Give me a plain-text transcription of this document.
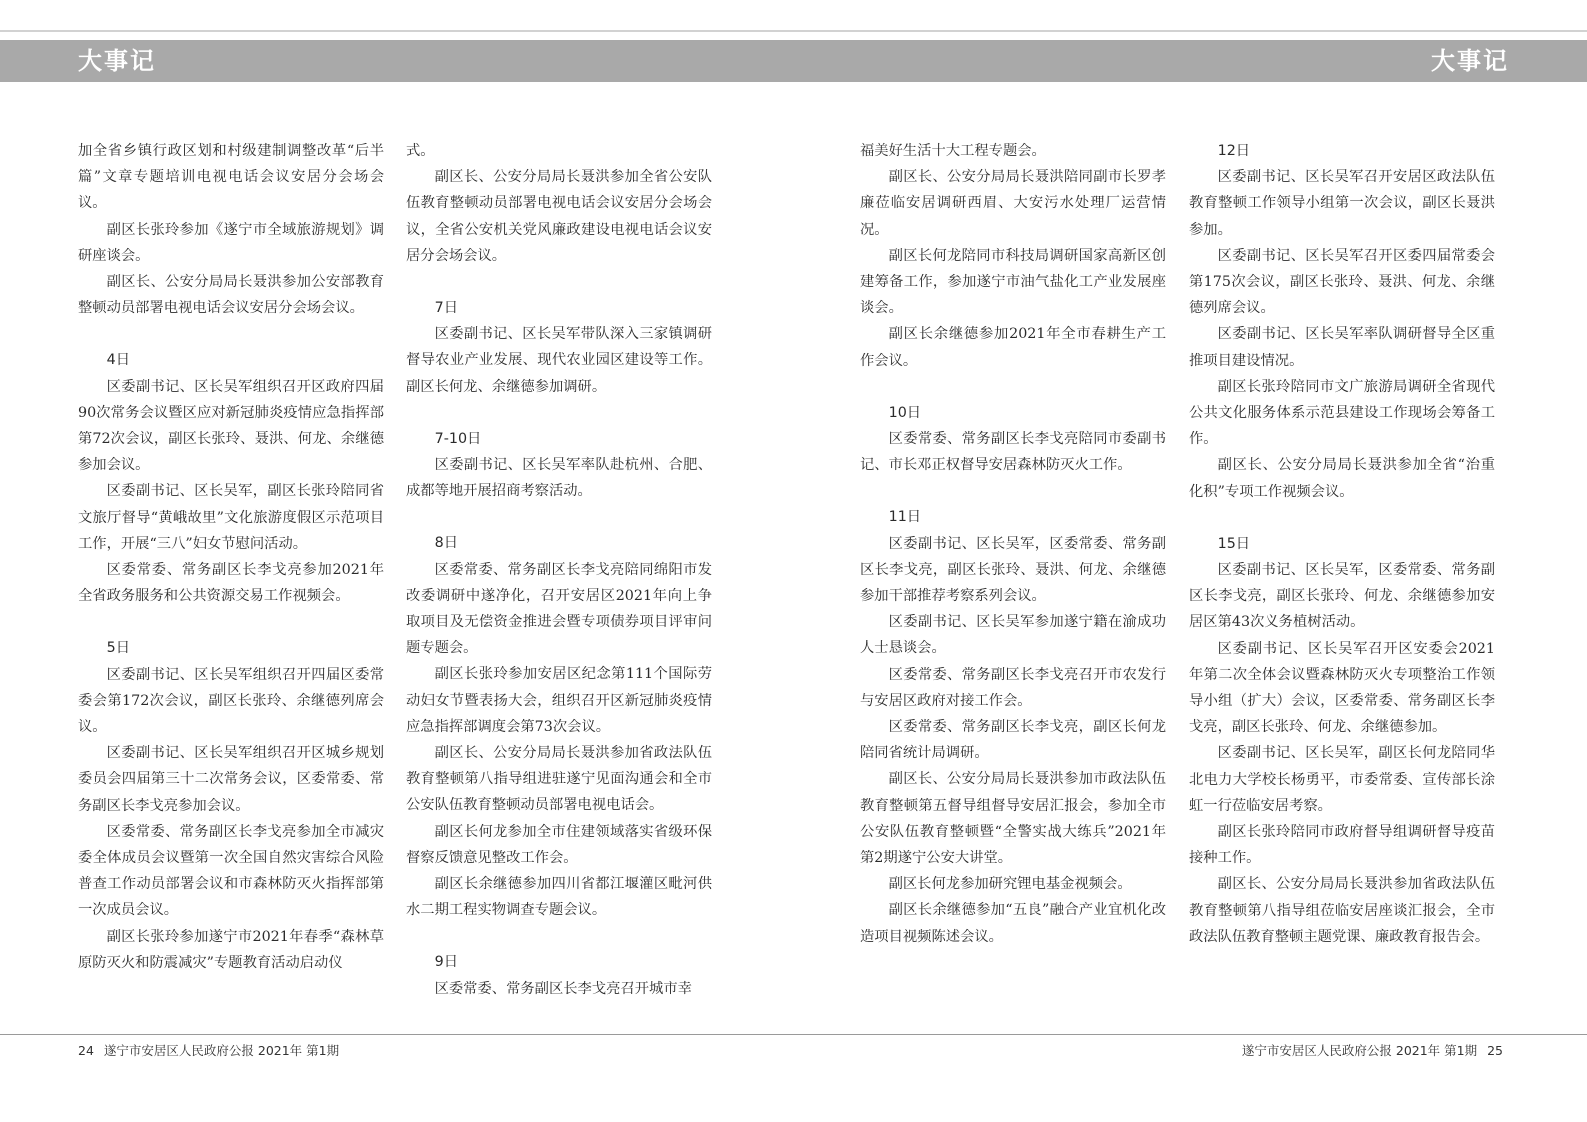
大事记	大事记

加全省乡镇行政区划和村级建制调整改革“后半篇”文章专题培训电视电话会议安居分会场会议。

副区长张玲参加《遂宁市全域旅游规划》调研座谈会。

副区长、公安分局局长聂洪参加公安部教育整顿动员部署电视电话会议安居分会场会议。

4日

区委副书记、区长吴军组织召开区政府四届90次常务会议暨区应对新冠肺炎疫情应急指挥部第72次会议，副区长张玲、聂洪、何龙、余继德参加会议。

区委副书记、区长吴军，副区长张玲陪同省文旅厅督导“黄峨故里”文化旅游度假区示范项目工作，开展“三八”妇女节慰问活动。

区委常委、常务副区长李戈亮参加2021年全省政务服务和公共资源交易工作视频会。

5日

区委副书记、区长吴军组织召开四届区委常委会第172次会议，副区长张玲、余继德列席会议。

区委副书记、区长吴军组织召开区城乡规划委员会四届第三十二次常务会议，区委常委、常务副区长李戈亮参加会议。

区委常委、常务副区长李戈亮参加全市减灾委全体成员会议暨第一次全国自然灾害综合风险普查工作动员部署会议和市森林防灭火指挥部第一次成员会议。

副区长张玲参加遂宁市2021年春季“森林草原防灭火和防震减灾”专题教育活动启动仪

式。

副区长、公安分局局长聂洪参加全省公安队伍教育整顿动员部署电视电话会议安居分会场会议，全省公安机关党风廉政建设电视电话会议安居分会场会议。

7日

区委副书记、区长吴军带队深入三家镇调研督导农业产业发展、现代农业园区建设等工作。副区长何龙、余继德参加调研。

7-10日

区委副书记、区长吴军率队赴杭州、合肥、成都等地开展招商考察活动。

8日

区委常委、常务副区长李戈亮陪同绵阳市发改委调研中遂净化，召开安居区2021年向上争取项目及无偿资金推进会暨专项债券项目评审问题专题会。

副区长张玲参加安居区纪念第111个国际劳动妇女节暨表扬大会，组织召开区新冠肺炎疫情应急指挥部调度会第73次会议。

副区长、公安分局局长聂洪参加省政法队伍教育整顿第八指导组进驻遂宁见面沟通会和全市公安队伍教育整顿动员部署电视电话会。

副区长何龙参加全市住建领域落实省级环保督察反馈意见整改工作会。

副区长余继德参加四川省都江堰灌区毗河供水二期工程实物调查专题会议。

9日

区委常委、常务副区长李戈亮召开城市幸

福美好生活十大工程专题会。

副区长、公安分局局长聂洪陪同副市长罗孝廉莅临安居调研西眉、大安污水处理厂运营情况。

副区长何龙陪同市科技局调研国家高新区创建筹备工作，参加遂宁市油气盐化工产业发展座谈会。

副区长余继德参加2021年全市春耕生产工作会议。

10日

区委常委、常务副区长李戈亮陪同市委副书记、市长邓正权督导安居森林防灭火工作。

11日

区委副书记、区长吴军，区委常委、常务副区长李戈亮，副区长张玲、聂洪、何龙、余继德参加干部推荐考察系列会议。

区委副书记、区长吴军参加遂宁籍在渝成功人士恳谈会。

区委常委、常务副区长李戈亮召开市农发行与安居区政府对接工作会。

区委常委、常务副区长李戈亮，副区长何龙陪同省统计局调研。

副区长、公安分局局长聂洪参加市政法队伍教育整顿第五督导组督导安居汇报会，参加全市公安队伍教育整顿暨“全警实战大练兵”2021年第2期遂宁公安大讲堂。

副区长何龙参加研究锂电基金视频会。

副区长余继德参加“五良”融合产业宜机化改造项目视频陈述会议。

12日

区委副书记、区长吴军召开安居区政法队伍教育整顿工作领导小组第一次会议，副区长聂洪参加。

区委副书记、区长吴军召开区委四届常委会第175次会议，副区长张玲、聂洪、何龙、余继德列席会议。

区委副书记、区长吴军率队调研督导全区重推项目建设情况。

副区长张玲陪同市文广旅游局调研全省现代公共文化服务体系示范县建设工作现场会筹备工作。

副区长、公安分局局长聂洪参加全省“治重化积”专项工作视频会议。

15日

区委副书记、区长吴军，区委常委、常务副区长李戈亮，副区长张玲、何龙、余继德参加安居区第43次义务植树活动。

区委副书记、区长吴军召开区安委会2021年第二次全体会议暨森林防灭火专项整治工作领导小组（扩大）会议，区委常委、常务副区长李戈亮，副区长张玲、何龙、余继德参加。

区委副书记、区长吴军，副区长何龙陪同华北电力大学校长杨勇平，市委常委、宣传部长涂虹一行莅临安居考察。

副区长张玲陪同市政府督导组调研督导疫苗接种工作。

副区长、公安分局局长聂洪参加省政法队伍教育整顿第八指导组莅临安居座谈汇报会，全市政法队伍教育整顿主题党课、廉政教育报告会。

24 遂宁市安居区人民政府公报 2021年 第1期	遂宁市安居区人民政府公报 2021年 第1期 25
